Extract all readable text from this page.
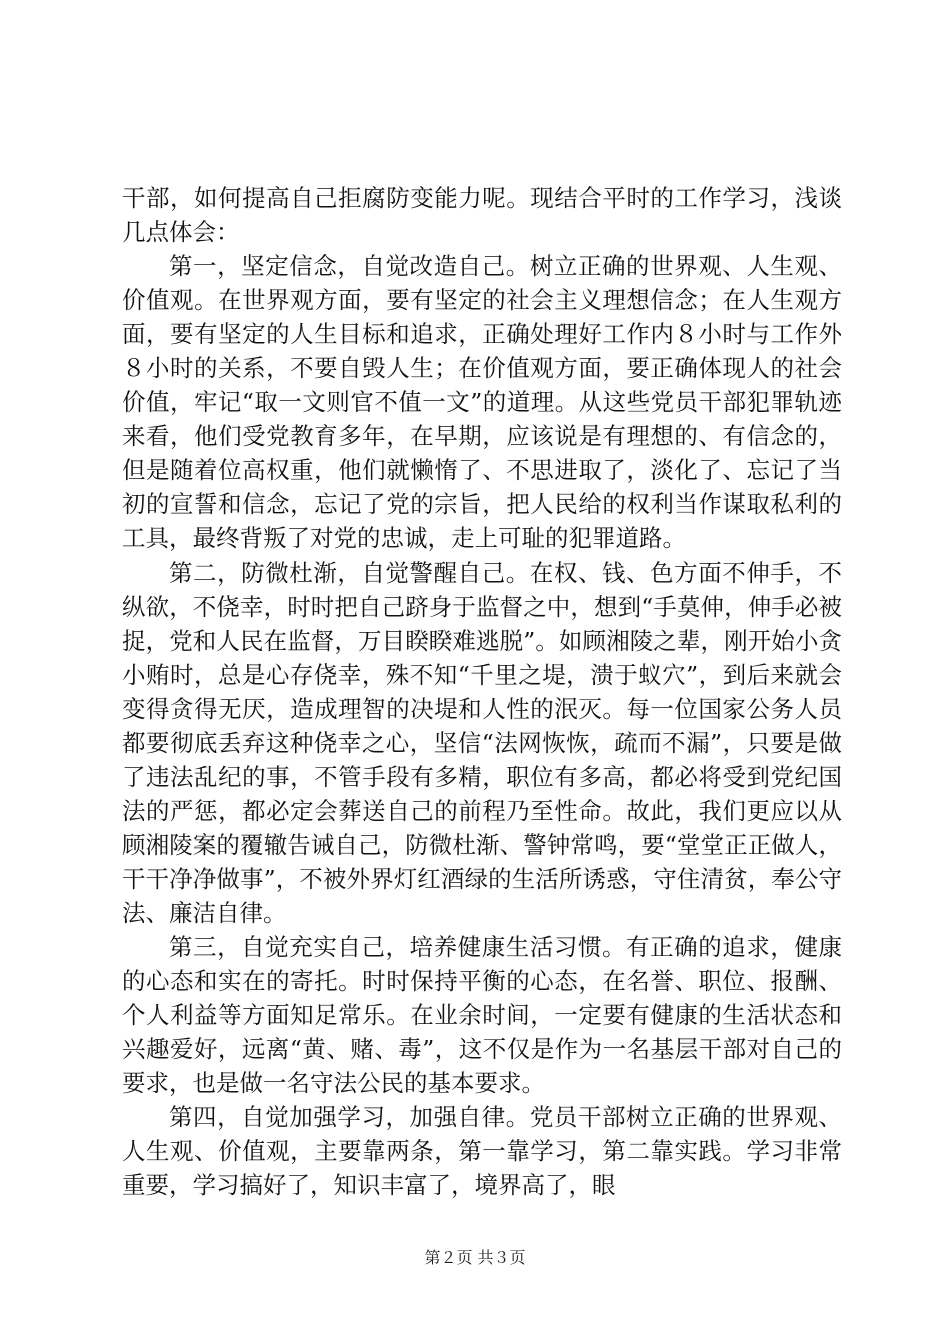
干部，如何提高自己拒腐防变能力呢。现结合平时的工作学习，浅谈几点体会：

第一，坚定信念，自觉改造自己。树立正确的世界观、人生观、价值观。在世界观方面，要有坚定的社会主义理想信念；在人生观方面，要有坚定的人生目标和追求，正确处理好工作内８小时与工作外８小时的关系，不要自毁人生；在价值观方面，要正确体现人的社会价值，牢记“取一文则官不值一文”的道理。从这些党员干部犯罪轨迹来看，他们受党教育多年，在早期，应该说是有理想的、有信念的，但是随着位高权重，他们就懒惰了、不思进取了，淡化了、忘记了当初的宣誓和信念，忘记了党的宗旨，把人民给的权利当作谋取私利的工具，最终背叛了对党的忠诚，走上可耻的犯罪道路。

第二，防微杜渐，自觉警醒自己。在权、钱、色方面不伸手，不纵欲，不侥幸，时时把自己跻身于监督之中，想到“手莫伸，伸手必被捉，党和人民在监督，万目睽睽难逃脱”。如顾湘陵之辈，刚开始小贪小贿时，总是心存侥幸，殊不知“千里之堤，溃于蚁穴”，到后来就会变得贪得无厌，造成理智的决堤和人性的泯灭。每一位国家公务人员都要彻底丢弃这种侥幸之心，坚信“法网恢恢，疏而不漏”，只要是做了违法乱纪的事，不管手段有多精，职位有多高，都必将受到党纪国法的严惩，都必定会葬送自己的前程乃至性命。故此，我们更应以从顾湘陵案的覆辙告诫自己，防微杜渐、警钟常鸣，要“堂堂正正做人，干干净净做事”，不被外界灯红酒绿的生活所诱惑，守住清贫，奉公守法、廉洁自律。

第三，自觉充实自己，培养健康生活习惯。有正确的追求，健康的心态和实在的寄托。时时保持平衡的心态，在名誉、职位、报酬、个人利益等方面知足常乐。在业余时间，一定要有健康的生活状态和兴趣爱好，远离“黄、赌、毒”，这不仅是作为一名基层干部对自己的要求，也是做一名守法公民的基本要求。

第四，自觉加强学习，加强自律。党员干部树立正确的世界观、人生观、价值观，主要靠两条，第一靠学习，第二靠实践。学习非常重要，学习搞好了，知识丰富了，境界高了，眼

第２页 共３页
